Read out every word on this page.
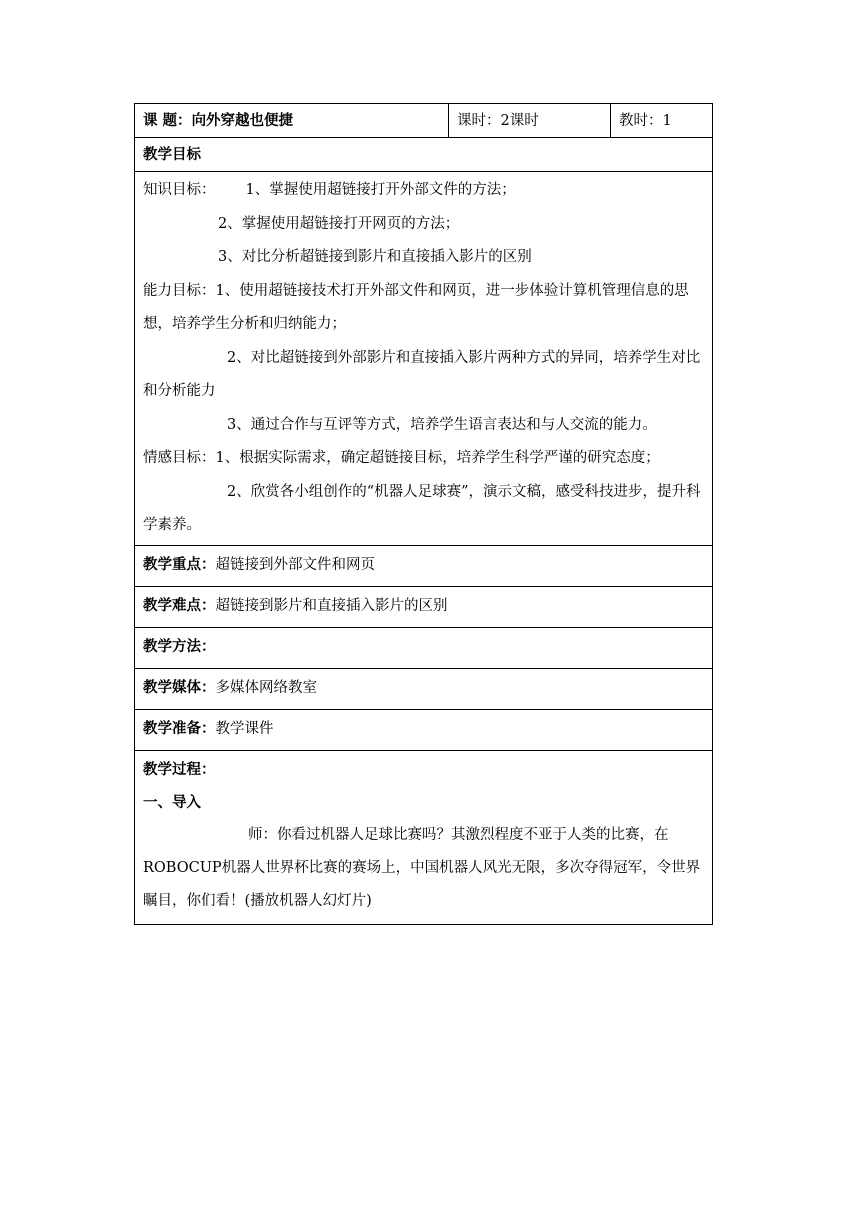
课 题：向外穿越也便捷	课时：2课时	教时：1
教学目标

知识目标： 1、掌握使用超链接打开外部文件的方法；
2、掌握使用超链接打开网页的方法；
3、对比分析超链接到影片和直接插入影片的区别
能力目标：1、使用超链接技术打开外部文件和网页，进一步体验计算机管理信息的思想，培养学生分析和归纳能力；
2、对比超链接到外部影片和直接插入影片两种方式的异同，培养学生对比和分析能力
3、通过合作与互评等方式，培养学生语言表达和与人交流的能力。
情感目标：1、根据实际需求，确定超链接目标，培养学生科学严谨的研究态度；
2、欣赏各小组创作的“机器人足球赛”，演示文稿，感受科技进步，提升科学素养。

教学重点：超链接到外部文件和网页
教学难点：超链接到影片和直接插入影片的区别
教学方法：
教学媒体：多媒体网络教室
教学准备：教学课件

教学过程：
一、导入
师：你看过机器人足球比赛吗？其激烈程度不亚于人类的比赛，在ROBOCUP机器人世界杯比赛的赛场上，中国机器人风光无限，多次夺得冠军，令世界瞩目，你们看！(播放机器人幻灯片)
